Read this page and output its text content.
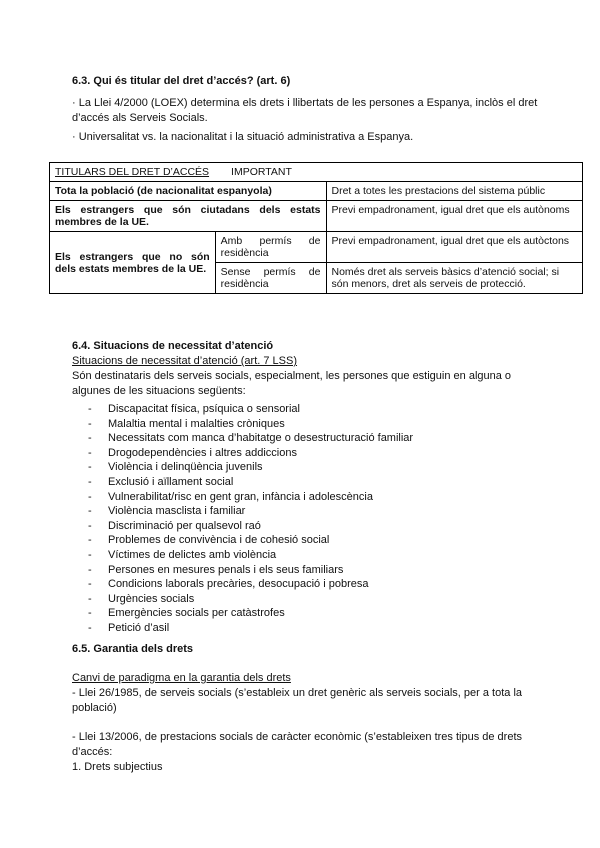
6.3. Qui és titular del dret d’accés? (art. 6)
· La Llei 4/2000 (LOEX) determina els drets i llibertats de les persones a Espanya, inclòs el dret d’accés als Serveis Socials.
· Universalitat vs. la nacionalitat i la situació administrativa a Espanya.
TITULARS DEL DRET D’ACCÉS IMPORTANT		
Tota la població (de nacionalitat espanyola)		Dret a totes les prestacions del sistema públic
Els estrangers que són ciutadans dels estats membres de la UE.		Previ empadronament, igual dret que els autònoms
Els estrangers que no són dels estats membres de la UE.	Amb permís de residència	Previ empadronament, igual dret que els autòctons
	Sense permís de residència	Només dret als serveis bàsics d’atenció social; si són menors, dret als serveis de protecció.
6.4. Situacions de necessitat d’atenció
Situacions de necessitat d’atenció (art. 7 LSS)
Són destinataris dels serveis socials, especialment, les persones que estiguin en alguna o algunes de les situacions següents:
- Discapacitat física, psíquica o sensorial
- Malaltia mental i malalties cròniques
- Necessitats com manca d’habitatge o desestructuració familiar
- Drogodependències i altres addiccions
- Violència i delinqüència juvenils
- Exclusió i aïllament social
- Vulnerabilitat/risc en gent gran, infància i adolescència
- Violència masclista i familiar
- Discriminació per qualsevol raó
- Problemes de convivència i de cohesió social
- Víctimes de delictes amb violència
- Persones en mesures penals i els seus familiars
- Condicions laborals precàries, desocupació i pobresa
- Urgències socials
- Emergències socials per catàstrofes
- Petició d’asil
6.5. Garantia dels drets
Canvi de paradigma en la garantia dels drets
- Llei 26/1985, de serveis socials (s’estableix un dret genèric als serveis socials, per a tota la població)
- Llei 13/2006, de prestacions socials de caràcter econòmic (s’estableixen tres tipus de drets d’accés:
1. Drets subjectius
